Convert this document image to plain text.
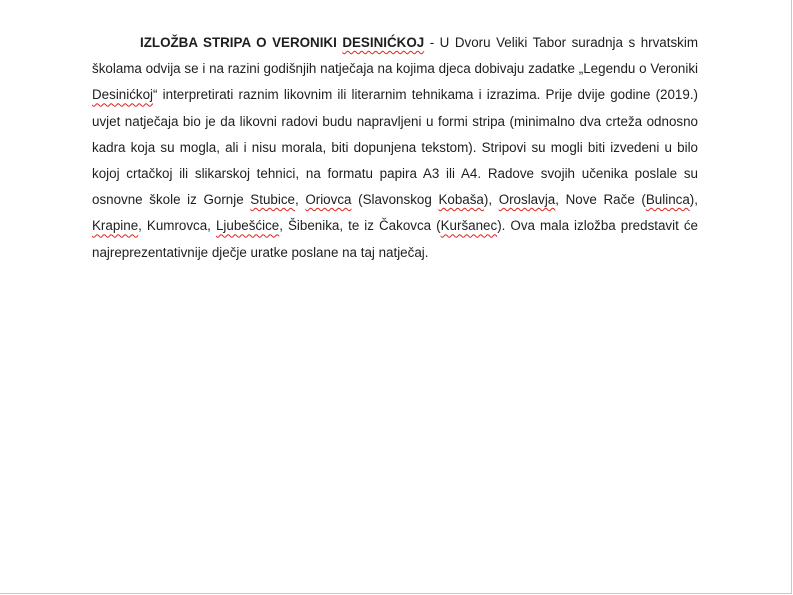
IZLOŽBA STRIPA O VERONIKI DESINIĆKOJ - U Dvoru Veliki Tabor suradnja s hrvatskim školama odvija se i na razini godišnjih natječaja na kojima djeca dobivaju zadatke „Legendu o Veroniki Desinićkoj“ interpretirati raznim likovnim ili literarnim tehnikama i izrazima. Prije dvije godine (2019.) uvjet natječaja bio je da likovni radovi budu napravljeni u formi stripa (minimalno dva crteža odnosno kadra koja su mogla, ali i nisu morala, biti dopunjena tekstom). Stripovi su mogli biti izvedeni u bilo kojoj crtačkoj ili slikarskoj tehnici, na formatu papira A3 ili A4. Radove svojih učenika poslale su osnovne škole iz Gornje Stubice, Oriovca (Slavonskog Kobaša), Oroslavja, Nove Rače (Bulinca), Krapine, Kumrovca, Ljubešćice, Šibenika, te iz Čakovca (Kuršanec). Ova mala izložba predstavit će najreprezentativnije dječje uratke poslane na taj natječaj.
